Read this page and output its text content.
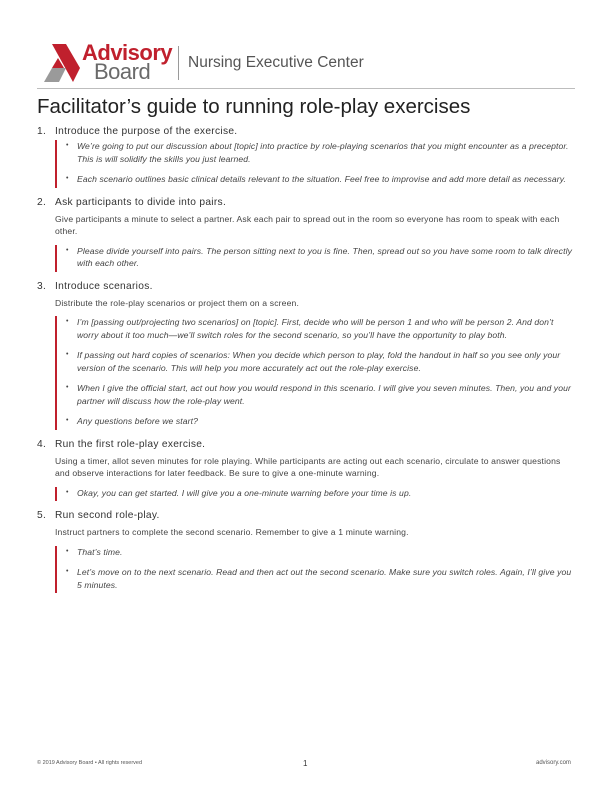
Advisory
Board Nursing Executive Center
Facilitator’s guide to running role-play exercises
1. Introduce the purpose of the exercise.
• We’re going to put our discussion about [topic] into practice by role-playing scenarios that you might encounter as a preceptor. This is will solidify the skills you just learned.
• Each scenario outlines basic clinical details relevant to the situation. Feel free to improvise and add more detail as necessary.
2. Ask participants to divide into pairs.
Give participants a minute to select a partner. Ask each pair to spread out in the room so everyone has room to speak with each other.
• Please divide yourself into pairs. The person sitting next to you is fine. Then, spread out so you have some room to talk directly with each other.
3. Introduce scenarios.
Distribute the role-play scenarios or project them on a screen.
• I’m [passing out/projecting two scenarios] on [topic]. First, decide who will be person 1 and who will be person 2. And don’t worry about it too much—we’ll switch roles for the second scenario, so you’ll have the opportunity to play both.
• If passing out hard copies of scenarios: When you decide which person to play, fold the handout in half so you see only your version of the scenario. This will help you more accurately act out the role-play exercise.
• When I give the official start, act out how you would respond in this scenario. I will give you seven minutes. Then, you and your partner will discuss how the role-play went.
• Any questions before we start?
4. Run the first role-play exercise.
Using a timer, allot seven minutes for role playing. While participants are acting out each scenario, circulate to answer questions and observe interactions for later feedback. Be sure to give a one-minute warning.
• Okay, you can get started. I will give you a one-minute warning before your time is up.
5. Run second role-play.
Instruct partners to complete the second scenario. Remember to give a 1 minute warning.
• That’s time.
• Let’s move on to the next scenario. Read and then act out the second scenario. Make sure you switch roles. Again, I’ll give you 5 minutes.
© 2019 Advisory Board • All rights reserved	1	advisory.com
